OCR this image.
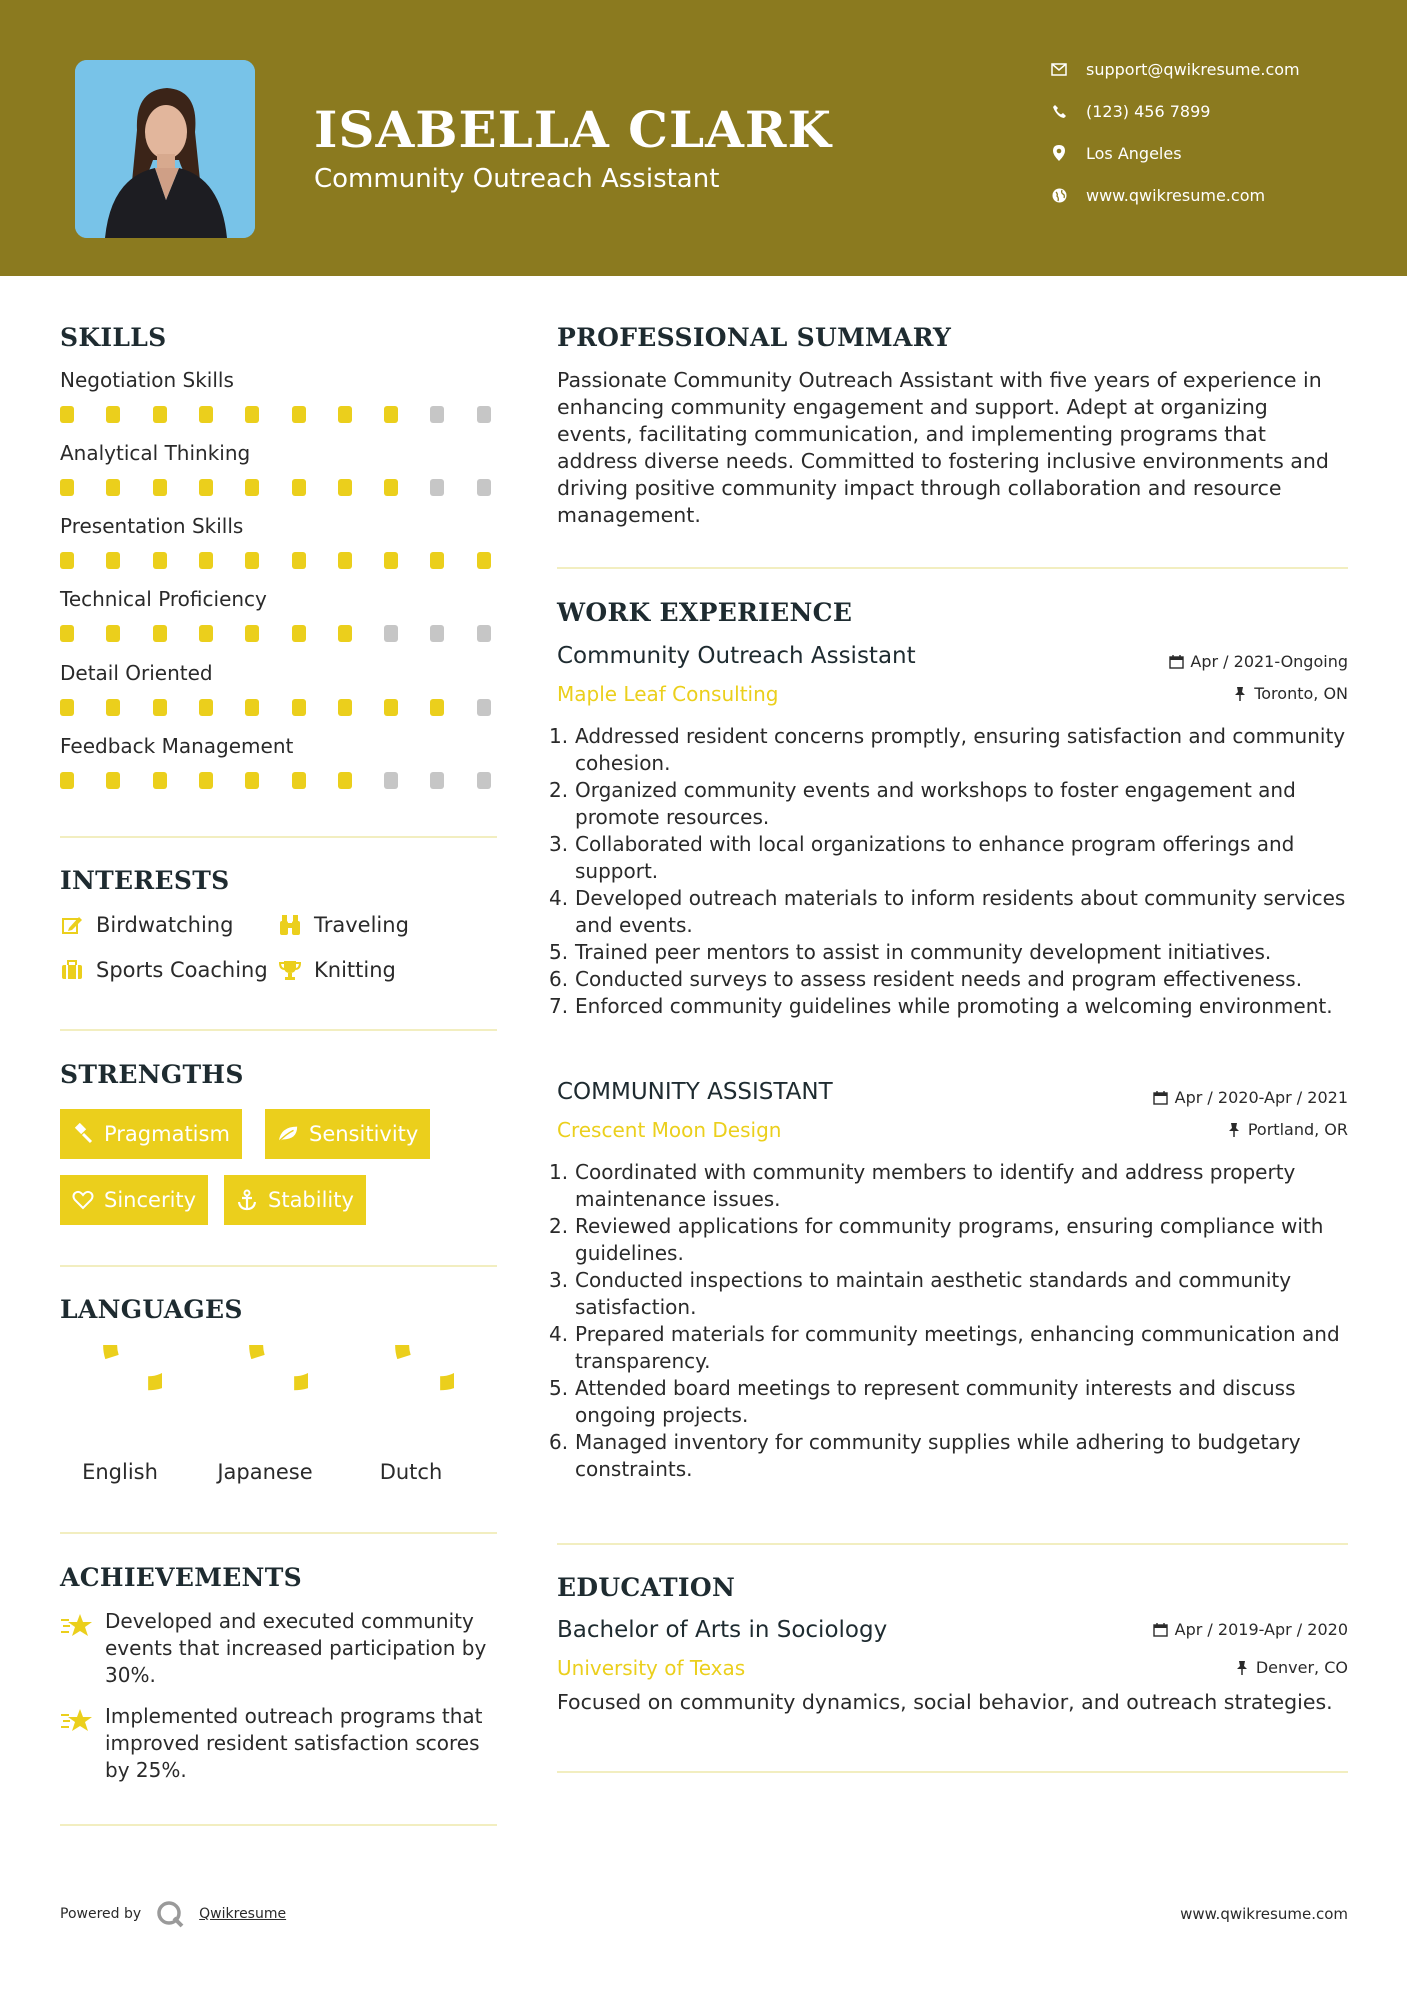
ISABELLA CLARK
Community Outreach Assistant
support@qwikresume.com
(123) 456 7899
Los Angeles
www.qwikresume.com
SKILLS
Negotiation Skills
Analytical Thinking
Presentation Skills
Technical Proficiency
Detail Oriented
Feedback Management
INTERESTS
Birdwatching	Traveling
Sports Coaching Knitting
STRENGTHS
Pragmatism	Sensitivity
Sincerity	Stability
LANGUAGES
English	Japanese	Dutch
ACHIEVEMENTS
Developed and executed community events that increased participation by 30%.
Implemented outreach programs that improved resident satisfaction scores by 25%.
PROFESSIONAL SUMMARY
Passionate Community Outreach Assistant with five years of experience in enhancing community engagement and support. Adept at organizing events, facilitating communication, and implementing programs that address diverse needs. Committed to fostering inclusive environments and driving positive community impact through collaboration and resource management.
WORK EXPERIENCE
Community Outreach Assistant
Maple Leaf Consulting
Apr / 2021-Ongoing
Toronto, ON
1. Addressed resident concerns promptly, ensuring satisfaction and community cohesion.
2. Organized community events and workshops to foster engagement and promote resources.
3. Collaborated with local organizations to enhance program offerings and support.
4. Developed outreach materials to inform residents about community services and events.
5. Trained peer mentors to assist in community development initiatives.
6. Conducted surveys to assess resident needs and program effectiveness.
7. Enforced community guidelines while promoting a welcoming environment.
COMMUNITY ASSISTANT
Crescent Moon Design
Apr / 2020-Apr / 2021
Portland, OR
1. Coordinated with community members to identify and address property maintenance issues.
2. Reviewed applications for community programs, ensuring compliance with guidelines.
3. Conducted inspections to maintain aesthetic standards and community satisfaction.
4. Prepared materials for community meetings, enhancing communication and transparency.
5. Attended board meetings to represent community interests and discuss ongoing projects.
6. Managed inventory for community supplies while adhering to budgetary constraints.
EDUCATION
Bachelor of Arts in Sociology
University of Texas
Apr / 2019-Apr / 2020
Denver, CO
Focused on community dynamics, social behavior, and outreach strategies.
Powered by	Qwikresume	www.qwikresume.com
